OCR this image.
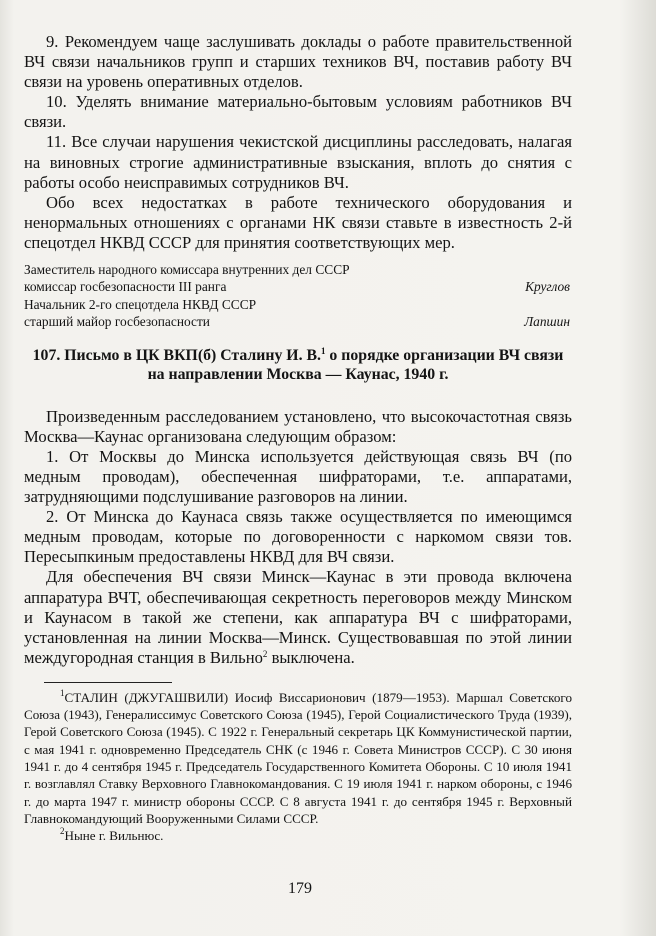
9. Рекомендуем чаще заслушивать доклады о работе правительственной ВЧ связи начальников групп и старших техников ВЧ, поставив работу ВЧ связи на уровень оперативных отделов.

10. Уделять внимание материально-бытовым условиям работников ВЧ связи.

11. Все случаи нарушения чекистской дисциплины расследовать, налагая на виновных строгие административные взыскания, вплоть до снятия с работы особо неисправимых сотрудников ВЧ.

Обо всех недостатках в работе технического оборудования и ненормальных отношениях с органами НК связи ставьте в известность 2-й спецотдел НКВД СССР для принятия соответствующих мер.

Заместитель народного комиссара внутренних дел СССР
комиссар госбезопасности III ранга	Круглов
Начальник 2-го спецотдела НКВД СССР
старший майор госбезопасности	Лапшин
107. Письмо в ЦК ВКП(б) Сталину И. В.$^1$ о порядке организации ВЧ связи на направлении Москва — Каунас, 1940 г.

Произведенным расследованием установлено, что высокочастотная связь Москва—Каунас организована следующим образом:

1. От Москвы до Минска используется действующая связь ВЧ (по медным проводам), обеспеченная шифраторами, т.е. аппаратами, затрудняющими подслушивание разговоров на линии.

2. От Минска до Каунаса связь также осуществляется по имеющимся медным проводам, которые по договоренности с наркомом связи тов. Пересыпкиным предоставлены НКВД для ВЧ связи.

Для обеспечения ВЧ связи Минск—Каунас в эти провода включена аппаратура ВЧТ, обеспечивающая секретность переговоров между Минском и Каунасом в такой же степени, как аппаратура ВЧ с шифраторами, установленная на линии Москва—Минск. Существовавшая по этой линии междугородная станция в Вильно$^2$ выключена.

$^1$СТАЛИН (ДЖУГАШВИЛИ) Иосиф Виссарионович (1879—1953). Маршал Советского Союза (1943), Генералиссимус Советского Союза (1945), Герой Социалистического Труда (1939), Герой Советского Союза (1945). С 1922 г. Генеральный секретарь ЦК Коммунистической партии, с мая 1941 г. одновременно Председатель СНК (с 1946 г. Совета Министров СССР). С 30 июня 1941 г. до 4 сентября 1945 г. Председатель Государственного Комитета Обороны. С 10 июля 1941 г. возглавлял Ставку Верховного Главнокомандования. С 19 июля 1941 г. нарком обороны, с 1946 г. до марта 1947 г. министр обороны СССР. С 8 августа 1941 г. до сентября 1945 г. Верховный Главнокомандующий Вооруженными Силами СССР.

$^2$Ныне г. Вильнюс.

179
